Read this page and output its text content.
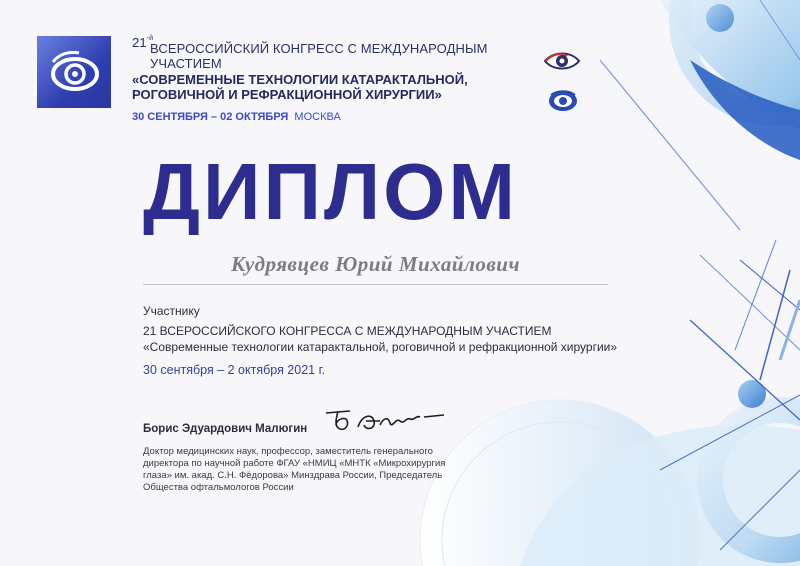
$21^{-й}$
ВСЕРОССИЙСКИЙ КОНГРЕСС С МЕЖДУНАРОДНЫМ УЧАСТИЕМ
«СОВРЕМЕННЫЕ ТЕХНОЛОГИИ КАТАРАКТАЛЬНОЙ,
РОГОВИЧНОЙ И РЕФРАКЦИОННОЙ ХИРУРГИИ»
30 СЕНТЯБРЯ – 02 ОКТЯБРЯ МОСКВА
ДИПЛОМ
Кудрявцев Юрий Михайлович
Участнику
21 ВСЕРОССИЙСКОГО КОНГРЕССА С МЕЖДУНАРОДНЫМ УЧАСТИЕМ
«Современные технологии катарактальной, роговичной и рефракционной хирургии»
30 сентября – 2 октября 2021 г.
Борис Эдуардович Малюгин
Доктор медицинских наук, профессор, заместитель генерального
директора по научной работе ФГАУ «НМИЦ «МНТК «Микрохирургия
глаза» им. акад. С.Н. Фёдорова» Минздрава России, Председатель
Общества офтальмологов России
